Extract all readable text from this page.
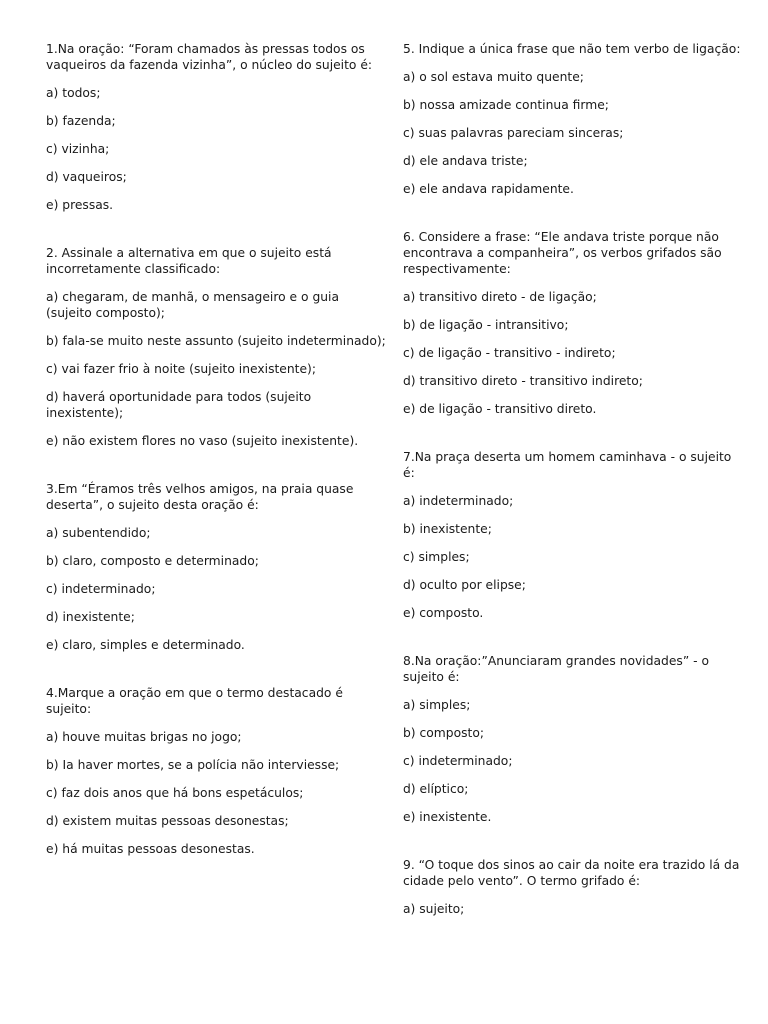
1.Na oração: “Foram chamados às pressas todos os vaqueiros da fazenda vizinha”, o núcleo do sujeito é:

a) todos;

b) fazenda;

c) vizinha;

d) vaqueiros;

e) pressas.

2. Assinale a alternativa em que o sujeito está incorretamente classificado:

a) chegaram, de manhã, o mensageiro e o guia (sujeito composto);

b) fala-se muito neste assunto (sujeito indeterminado);

c) vai fazer frio à noite (sujeito inexistente);

d) haverá oportunidade para todos (sujeito inexistente);

e) não existem flores no vaso (sujeito inexistente).

3.Em “Éramos três velhos amigos, na praia quase deserta”, o sujeito desta oração é:

a) subentendido;

b) claro, composto e determinado;

c) indeterminado;

d) inexistente;

e) claro, simples e determinado.

4.Marque a oração em que o termo destacado é sujeito:

a) houve muitas brigas no jogo;

b) Ia haver mortes, se a polícia não interviesse;

c) faz dois anos que há bons espetáculos;

d) existem muitas pessoas desonestas;

e) há muitas pessoas desonestas.

5. Indique a única frase que não tem verbo de ligação:

a) o sol estava muito quente;

b) nossa amizade continua firme;

c) suas palavras pareciam sinceras;

d) ele andava triste;

e) ele andava rapidamente.

6. Considere a frase: “Ele andava triste porque não encontrava a companheira”, os verbos grifados são respectivamente:

a) transitivo direto - de ligação;

b) de ligação - intransitivo;

c) de ligação - transitivo - indireto;

d) transitivo direto - transitivo indireto;

e) de ligação - transitivo direto.

7.Na praça deserta um homem caminhava - o sujeito é:

a) indeterminado;

b) inexistente;

c) simples;

d) oculto por elipse;

e) composto.

8.Na oração:”Anunciaram grandes novidades” - o sujeito é:

a) simples;

b) composto;

c) indeterminado;

d) elíptico;

e) inexistente.

9. “O toque dos sinos ao cair da noite era trazido lá da cidade pelo vento”. O termo grifado é:

a) sujeito;
